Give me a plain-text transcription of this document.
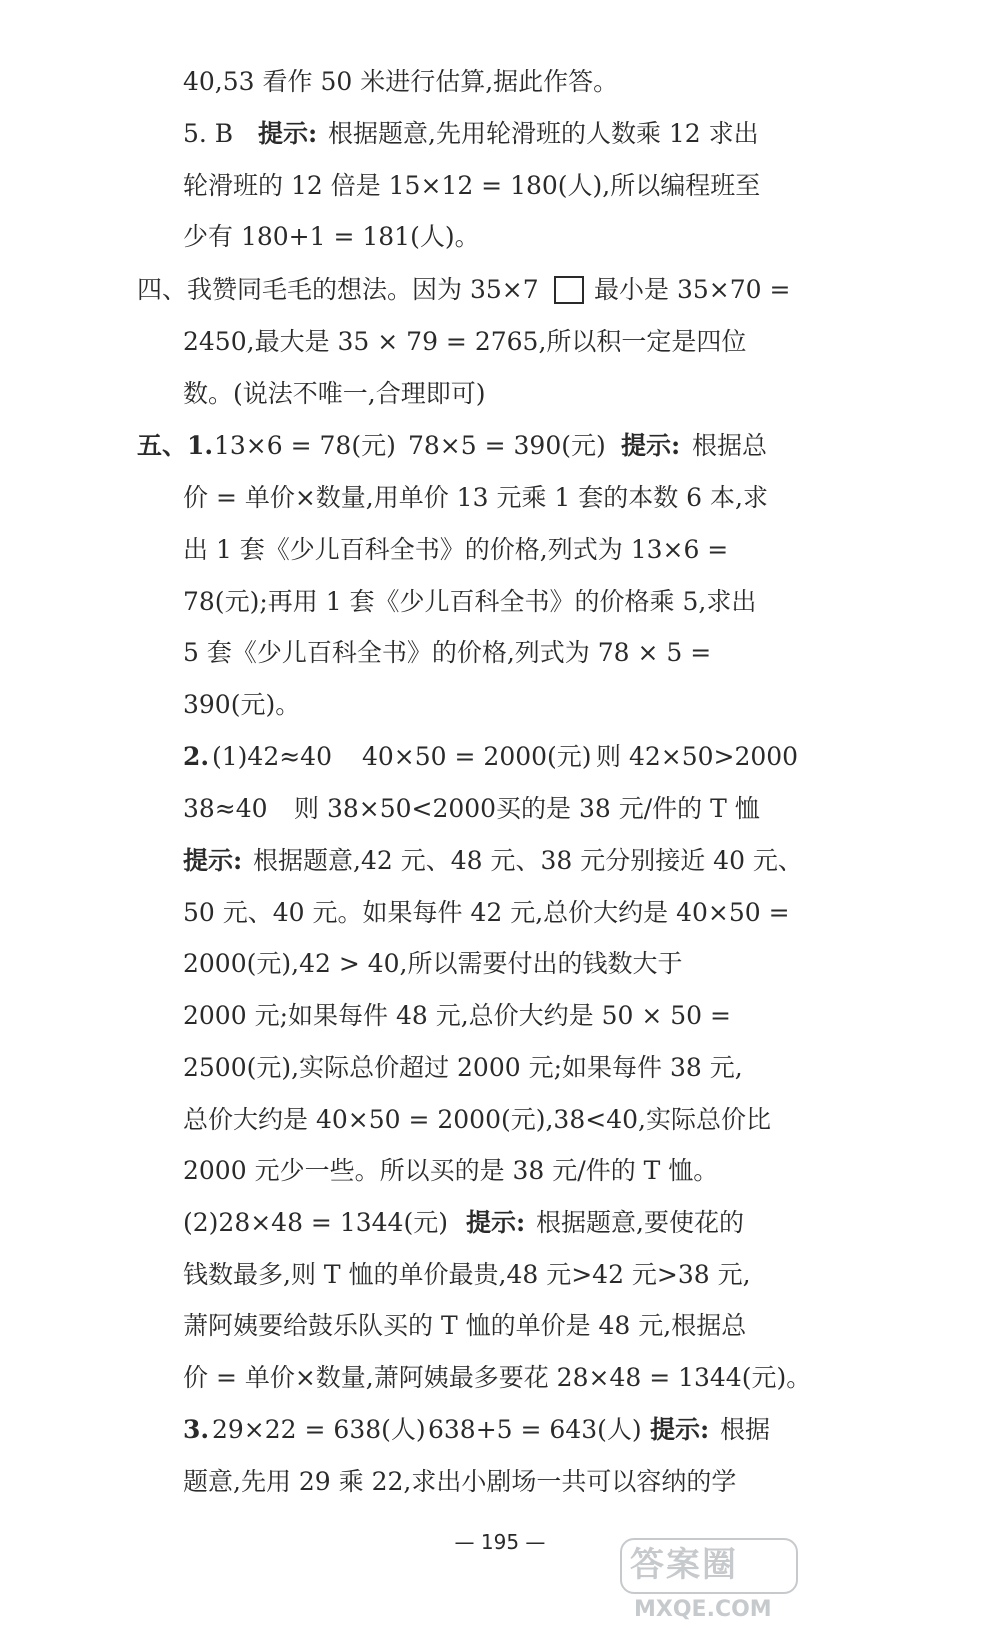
40,53 看作 50 米进行估算,据此作答。
5. B 提示: 根据题意,先用轮滑班的人数乘 12 求出
轮滑班的 12 倍是 15×12 = 180(人),所以编程班至
少有 180+1 = 181(人)。
四、我赞同毛毛的想法。因为 35×7 最小是 35×70 =
2450,最大是 35 × 79 = 2765,所以积一定是四位
数。(说法不唯一,合理即可)
五、1. 13×6 = 78(元) 78×5 = 390(元) 提示: 根据总
价 = 单价×数量,用单价 13 元乘 1 套的本数 6 本,求
出 1 套《少儿百科全书》的价格,列式为 13×6 =
78(元);再用 1 套《少儿百科全书》的价格乘 5,求出
5 套《少儿百科全书》的价格,列式为 78 × 5 =
390(元)。
2. (1)42≈40 40×50 = 2000(元) 则 42×50>2000
38≈40 则 38×50<2000 买的是 38 元/件的 T 恤
提示: 根据题意,42 元、48 元、38 元分别接近 40 元、
50 元、40 元。如果每件 42 元,总价大约是 40×50 =
2000(元),42 > 40,所以需要付出的钱数大于
2000 元;如果每件 48 元,总价大约是 50 × 50 =
2500(元),实际总价超过 2000 元;如果每件 38 元,
总价大约是 40×50 = 2000(元),38<40,实际总价比
2000 元少一些。所以买的是 38 元/件的 T 恤。
(2)28×48 = 1344(元) 提示: 根据题意,要使花的
钱数最多,则 T 恤的单价最贵,48 元>42 元>38 元,
萧阿姨要给鼓乐队买的 T 恤的单价是 48 元,根据总
价 = 单价×数量,萧阿姨最多要花 28×48 = 1344(元)。
3. 29×22 = 638(人) 638+5 = 643(人) 提示: 根据
题意,先用 29 乘 22,求出小剧场一共可以容纳的学
— 195 —
答案圈
MXQE.COM
